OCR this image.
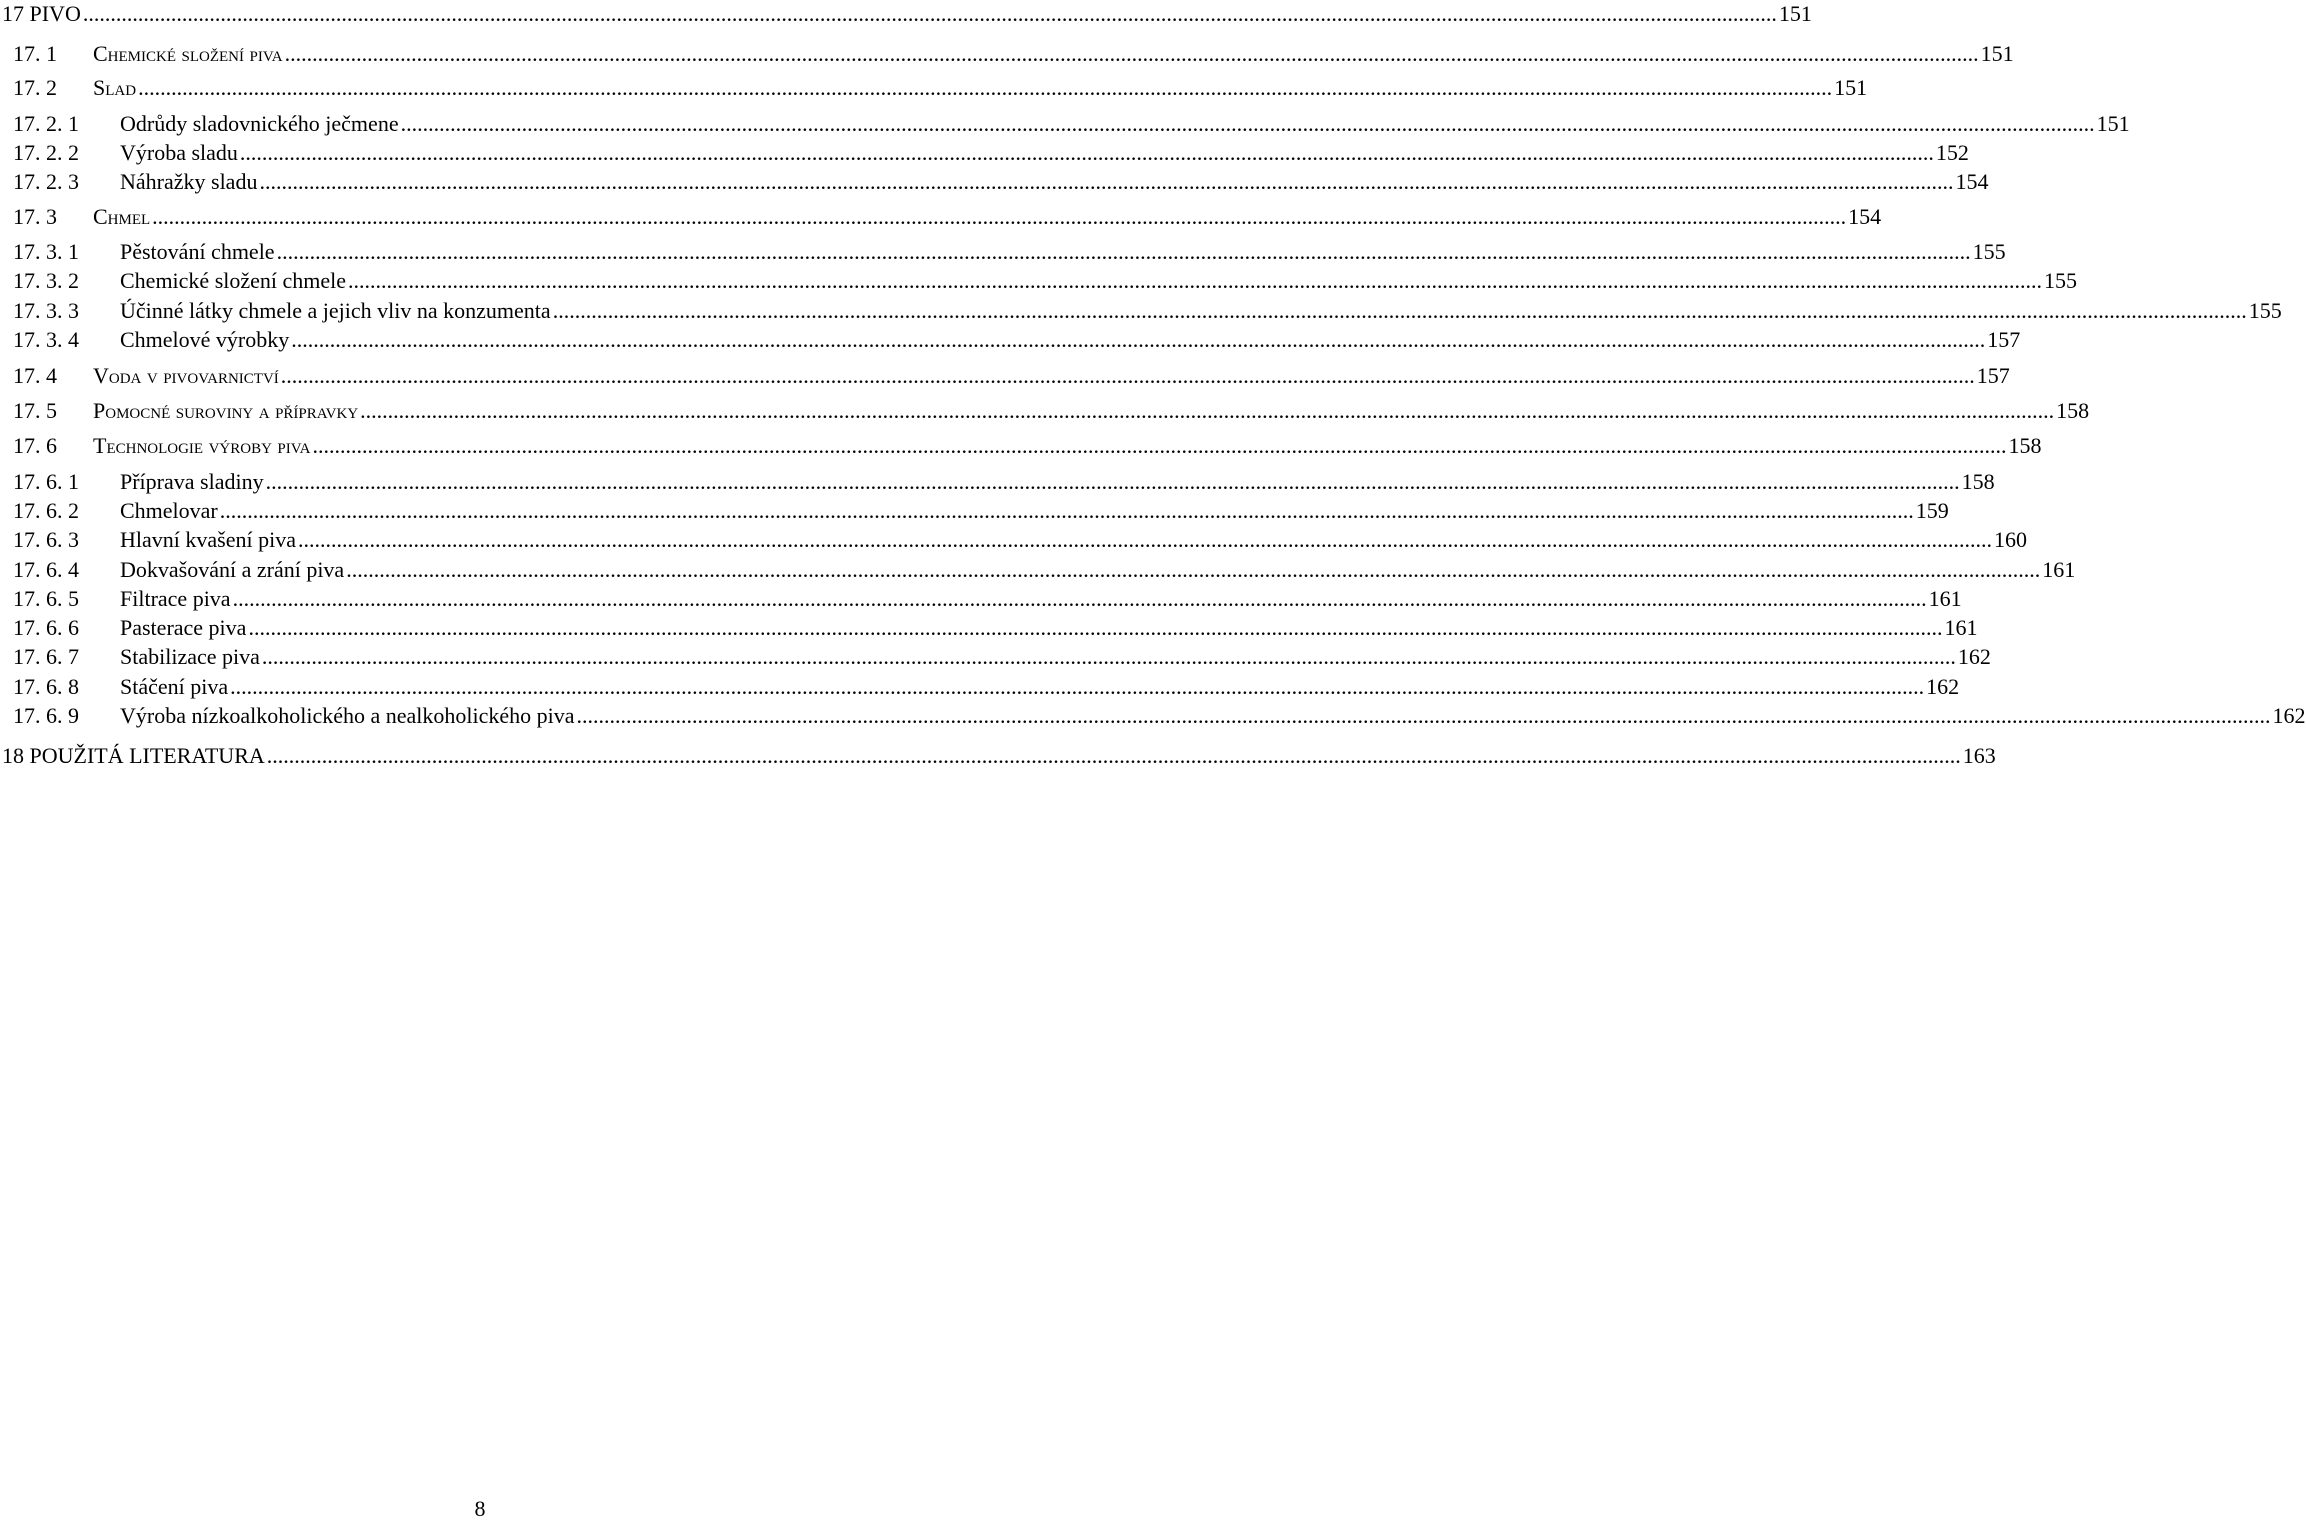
17 PIVO .....	151
17. 1	Chemické složení piva .....	151
17. 2	Slad .....	151
17. 2. 1	Odrůdy sladovnického ječmene .....	151
17. 2. 2	Výroba sladu .....	152
17. 2. 3	Náhražky sladu .....	154
17. 3	Chmel .....	154
17. 3. 1	Pěstování chmele .....	155
17. 3. 2	Chemické složení chmele .....	155
17. 3. 3	Účinné látky chmele a jejich vliv na konzumenta .....	155
17. 3. 4	Chmelové výrobky .....	157
17. 4	Voda v pivovarnictví .....	157
17. 5	Pomocné suroviny a přípravky .....	158
17. 6	Technologie výroby piva .....	158
17. 6. 1	Příprava sladiny .....	158
17. 6. 2	Chmelovar .....	159
17. 6. 3	Hlavní kvašení piva .....	160
17. 6. 4	Dokvašování a zrání piva .....	161
17. 6. 5	Filtrace piva .....	161
17. 6. 6	Pasterace piva .....	161
17. 6. 7	Stabilizace piva .....	162
17. 6. 8	Stáčení piva .....	162
17. 6. 9	Výroba nízkoalkoholického a nealkoholického piva .....	162
18 POUŽITÁ LITERATURA .....	163
8
